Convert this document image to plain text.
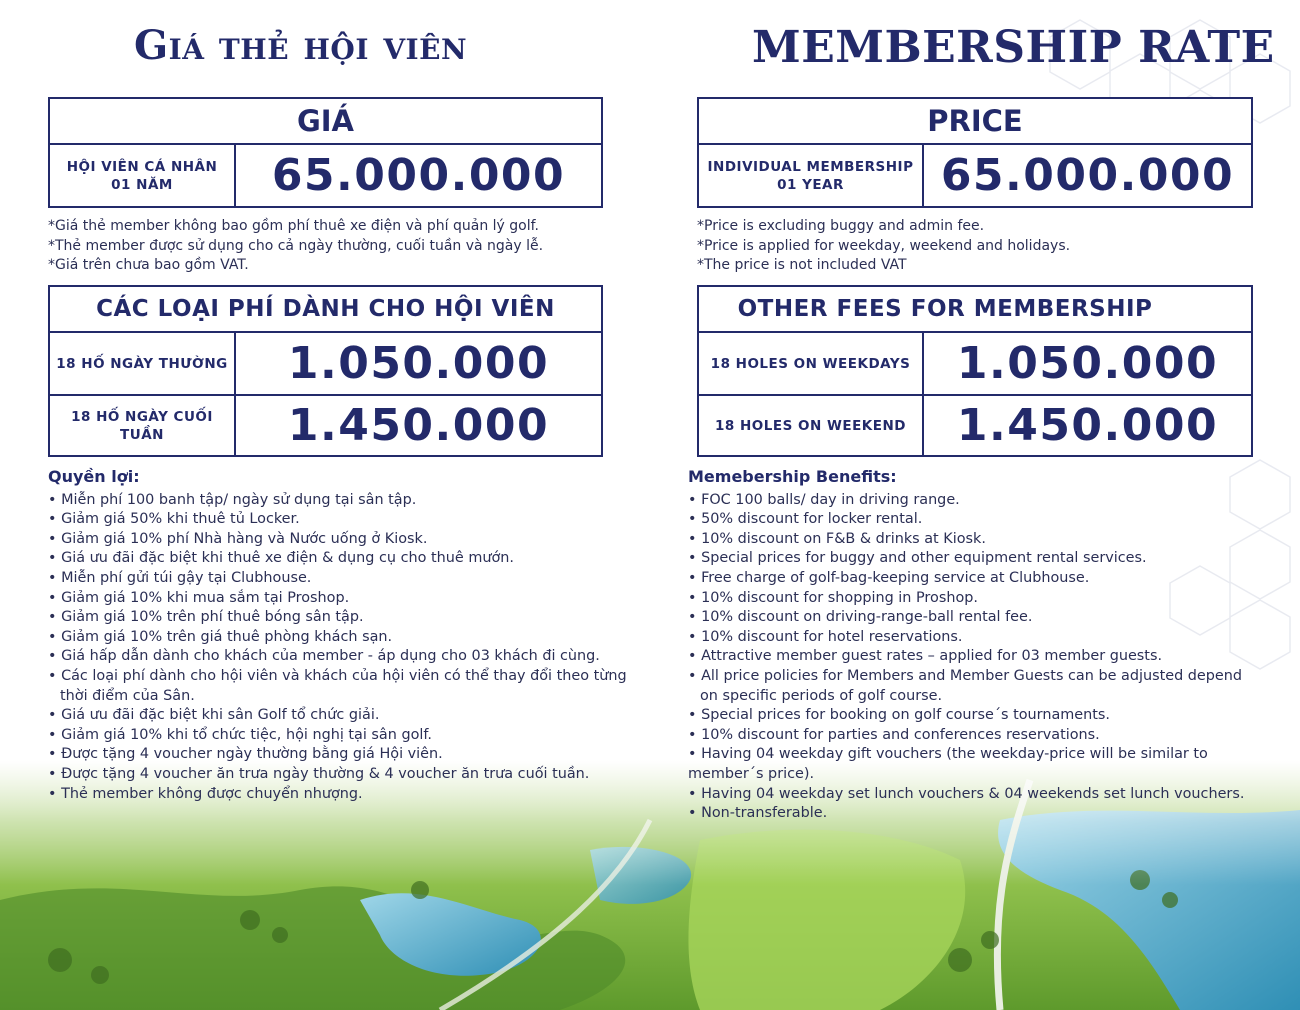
Giá thẻ hội viên
GIÁ
HỘI VIÊN CÁ NHÂN
01 NĂM	65.000.000
*Giá thẻ member không bao gồm phí thuê xe điện và phí quản lý golf.
*Thẻ member được sử dụng cho cả ngày thường, cuối tuần và ngày lễ.
*Giá trên chưa bao gồm VAT.
CÁC LOẠI PHÍ DÀNH CHO HỘI VIÊN
18 HỐ NGÀY THƯỜNG	1.050.000
18 HỐ NGÀY CUỐI TUẦN	1.450.000
Quyền lợi:
• Miễn phí 100 banh tập/ ngày sử dụng tại sân tập.
• Giảm giá 50% khi thuê tủ Locker.
• Giảm giá 10% phí Nhà hàng và Nước uống ở Kiosk.
• Giá ưu đãi đặc biệt khi thuê xe điện & dụng cụ cho thuê mướn.
• Miễn phí gửi túi gậy tại Clubhouse.
• Giảm giá 10% khi mua sắm tại Proshop.
• Giảm giá 10% trên phí thuê bóng sân tập.
• Giảm giá 10% trên giá thuê phòng khách sạn.
• Giá hấp dẫn dành cho khách của member - áp dụng cho 03 khách đi cùng.
• Các loại phí dành cho hội viên và khách của hội viên có thể thay đổi theo từng
thời điểm của Sân.
• Giá ưu đãi đặc biệt khi sân Golf tổ chức giải.
• Giảm giá 10% khi tổ chức tiệc, hội nghị tại sân golf.
• Được tặng 4 voucher ngày thường bằng giá Hội viên.
• Được tặng 4 voucher ăn trưa ngày thường & 4 voucher ăn trưa cuối tuần.
• Thẻ member không được chuyển nhượng.
MEMBERSHIP RATE
PRICE
INDIVIDUAL MEMBERSHIP
01 YEAR	65.000.000
*Price is excluding buggy and admin fee.
*Price is applied for weekday, weekend and holidays.
*The price is not included VAT
OTHER FEES FOR MEMBERSHIP
18 HOLES ON WEEKDAYS	1.050.000
18 HOLES ON WEEKEND	1.450.000
Memebership Benefits:
• FOC 100 balls/ day in driving range.
• 50% discount for locker rental.
• 10% discount on F&B & drinks at Kiosk.
• Special prices for buggy and other equipment rental services.
• Free charge of golf-bag-keeping service at Clubhouse.
• 10% discount for shopping in Proshop.
• 10% discount on driving-range-ball rental fee.
• 10% discount for hotel reservations.
• Attractive member guest rates – applied for 03 member guests.
• All price policies for Members and Member Guests can be adjusted depend
on specific periods of golf course.
• Special prices for booking on golf course´s tournaments.
• 10% discount for parties and conferences reservations.
• Having 04 weekday gift vouchers (the weekday-price will be similar to
member´s price).
• Having 04 weekday set lunch vouchers & 04 weekends set lunch vouchers.
• Non-transferable.
